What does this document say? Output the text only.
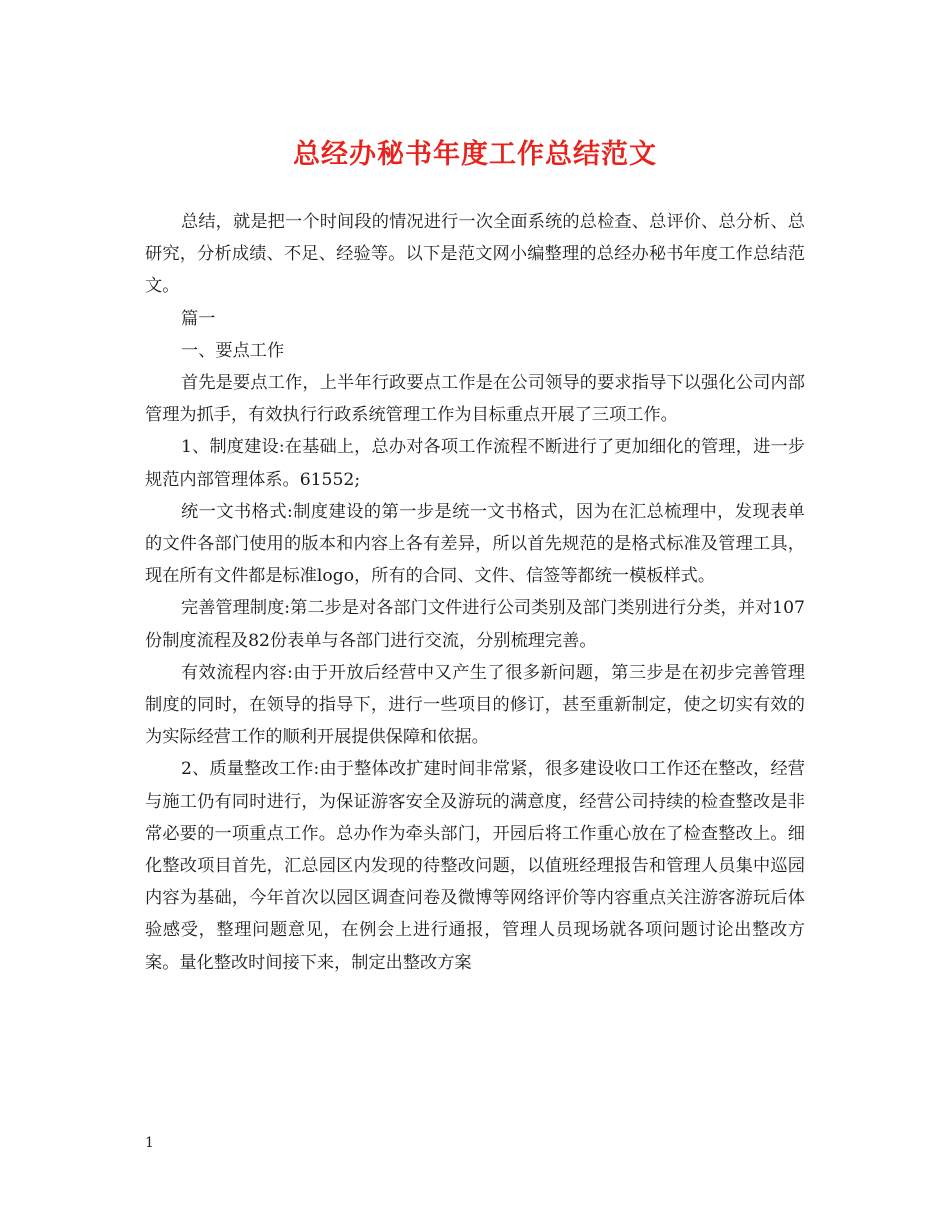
总经办秘书年度工作总结范文

总结，就是把一个时间段的情况进行一次全面系统的总检查、总评价、总分析、总研究，分析成绩、不足、经验等。以下是范文网小编整理的总经办秘书年度工作总结范文。

篇一

一、要点工作

首先是要点工作，上半年行政要点工作是在公司领导的要求指导下以强化公司内部管理为抓手，有效执行行政系统管理工作为目标重点开展了三项工作。

1、制度建设:在基础上，总办对各项工作流程不断进行了更加细化的管理，进一步规范内部管理体系。61552;

统一文书格式:制度建设的第一步是统一文书格式，因为在汇总梳理中，发现表单的文件各部门使用的版本和内容上各有差异，所以首先规范的是格式标准及管理工具，现在所有文件都是标准logo，所有的合同、文件、信签等都统一模板样式。

完善管理制度:第二步是对各部门文件进行公司类别及部门类别进行分类，并对107份制度流程及82份表单与各部门进行交流，分别梳理完善。

有效流程内容:由于开放后经营中又产生了很多新问题，第三步是在初步完善管理制度的同时，在领导的指导下，进行一些项目的修订，甚至重新制定，使之切实有效的为实际经营工作的顺利开展提供保障和依据。

2、质量整改工作:由于整体改扩建时间非常紧，很多建设收口工作还在整改，经营与施工仍有同时进行，为保证游客安全及游玩的满意度，经营公司持续的检查整改是非常必要的一项重点工作。总办作为牵头部门，开园后将工作重心放在了检查整改上。细化整改项目首先，汇总园区内发现的待整改问题，以值班经理报告和管理人员集中巡园内容为基础，今年首次以园区调查问卷及微博等网络评价等内容重点关注游客游玩后体验感受，整理问题意见，在例会上进行通报，管理人员现场就各项问题讨论出整改方案。量化整改时间接下来，制定出整改方案

1
